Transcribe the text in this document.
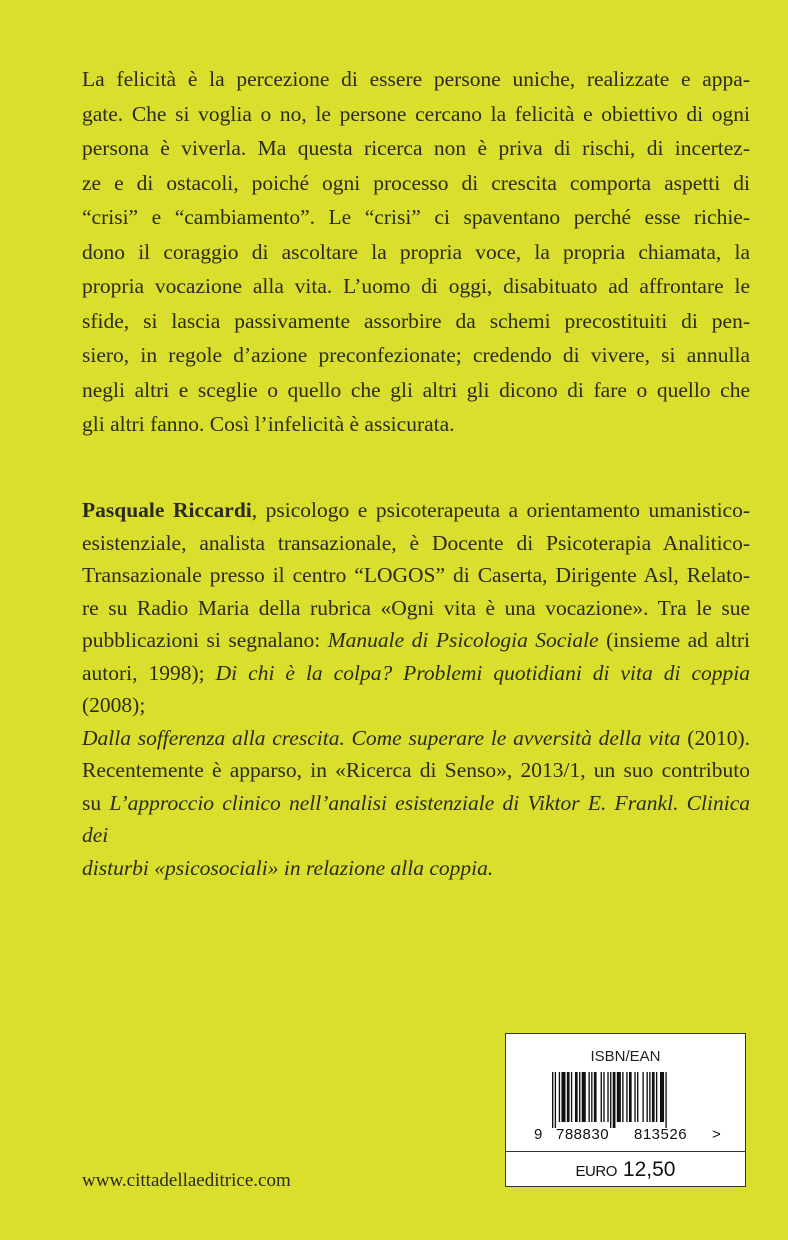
La felicità è la percezione di essere persone uniche, realizzate e appa-
gate. Che si voglia o no, le persone cercano la felicità e obiettivo di ogni
persona è viverla. Ma questa ricerca non è priva di rischi, di incertez-
ze e di ostacoli, poiché ogni processo di crescita comporta aspetti di
“crisi” e “cambiamento”. Le “crisi” ci spaventano perché esse richie-
dono il coraggio di ascoltare la propria voce, la propria chiamata, la
propria vocazione alla vita. L’uomo di oggi, disabituato ad affrontare le
sfide, si lascia passivamente assorbire da schemi precostituiti di pen-
siero, in regole d’azione preconfezionate; credendo di vivere, si annulla
negli altri e sceglie o quello che gli altri gli dicono di fare o quello che
gli altri fanno. Così l’infelicità è assicurata.
Pasquale Riccardi, psicologo e psicoterapeuta a orientamento umanistico-
esistenziale, analista transazionale, è Docente di Psicoterapia Analitico-
Transazionale presso il centro “LOGOS” di Caserta, Dirigente Asl, Relato-
re su Radio Maria della rubrica «Ogni vita è una vocazione». Tra le sue
pubblicazioni si segnalano: Manuale di Psicologia Sociale (insieme ad altri
autori, 1998); Di chi è la colpa? Problemi quotidiani di vita di coppia (2008);
Dalla sofferenza alla crescita. Come superare le avversità della vita (2010).
Recentemente è apparso, in «Ricerca di Senso», 2013/1, un suo contributo
su L’approccio clinico nell’analisi esistenziale di Viktor E. Frankl. Clinica dei
disturbi «psicosociali» in relazione alla coppia.
www.cittadellaeditrice.com
ISBN/EAN
9 788830 813526 >
EURO 12,50
